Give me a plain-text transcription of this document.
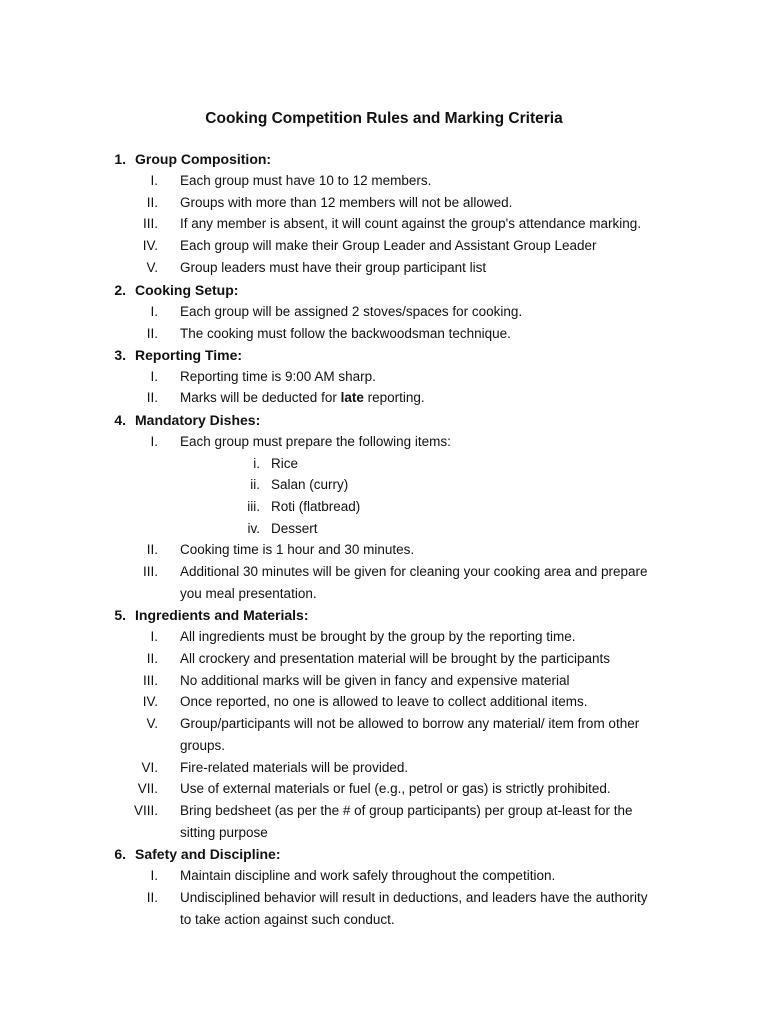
Cooking Competition Rules and Marking Criteria
1. Group Composition:
I. Each group must have 10 to 12 members.
II. Groups with more than 12 members will not be allowed.
III. If any member is absent, it will count against the group's attendance marking.
IV. Each group will make their Group Leader and Assistant Group Leader
V. Group leaders must have their group participant list
2. Cooking Setup:
I. Each group will be assigned 2 stoves/spaces for cooking.
II. The cooking must follow the backwoodsman technique.
3. Reporting Time:
I. Reporting time is 9:00 AM sharp.
II. Marks will be deducted for late reporting.
4. Mandatory Dishes:
I. Each group must prepare the following items:
i. Rice
ii. Salan (curry)
iii. Roti (flatbread)
iv. Dessert
II. Cooking time is 1 hour and 30 minutes.
III. Additional 30 minutes will be given for cleaning your cooking area and prepare
you meal presentation.
5. Ingredients and Materials:
I. All ingredients must be brought by the group by the reporting time.
II. All crockery and presentation material will be brought by the participants
III. No additional marks will be given in fancy and expensive material
IV. Once reported, no one is allowed to leave to collect additional items.
V. Group/participants will not be allowed to borrow any material/ item from other
groups.
VI. Fire-related materials will be provided.
VII. Use of external materials or fuel (e.g., petrol or gas) is strictly prohibited.
VIII. Bring bedsheet (as per the # of group participants) per group at-least for the
sitting purpose
6. Safety and Discipline:
I. Maintain discipline and work safely throughout the competition.
II. Undisciplined behavior will result in deductions, and leaders have the authority
to take action against such conduct.
